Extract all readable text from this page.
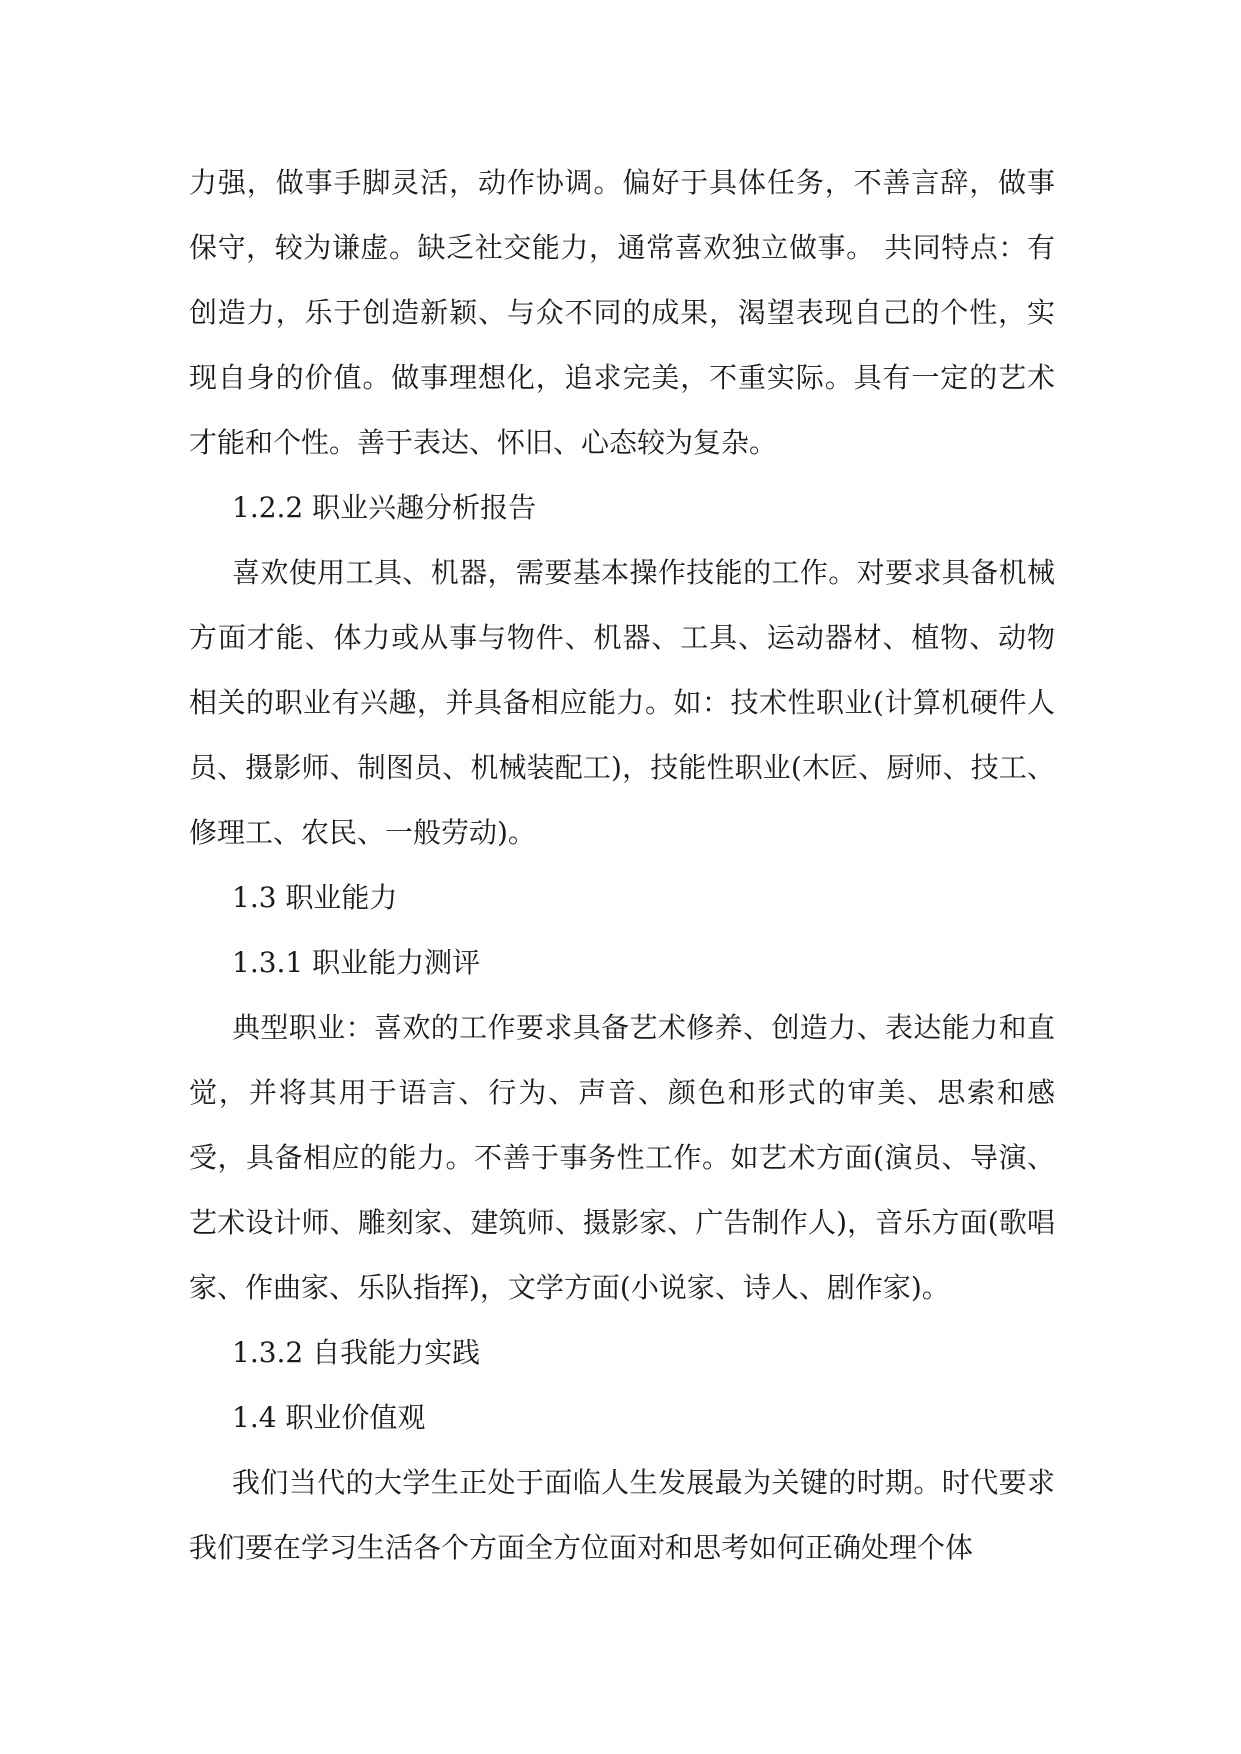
力强，做事手脚灵活，动作协调。偏好于具体任务，不善言辞，做事保守，较为谦虚。缺乏社交能力，通常喜欢独立做事。 共同特点：有创造力，乐于创造新颖、与众不同的成果，渴望表现自己的个性，实现自身的价值。做事理想化，追求完美，不重实际。具有一定的艺术才能和个性。善于表达、怀旧、心态较为复杂。

1.2.2 职业兴趣分析报告

喜欢使用工具、机器，需要基本操作技能的工作。对要求具备机械方面才能、体力或从事与物件、机器、工具、运动器材、植物、动物相关的职业有兴趣，并具备相应能力。如：技术性职业(计算机硬件人员、摄影师、制图员、机械装配工)，技能性职业(木匠、厨师、技工、修理工、农民、一般劳动)。

1.3 职业能力

1.3.1 职业能力测评

典型职业：喜欢的工作要求具备艺术修养、创造力、表达能力和直觉，并将其用于语言、行为、声音、颜色和形式的审美、思索和感受，具备相应的能力。不善于事务性工作。如艺术方面(演员、导演、艺术设计师、雕刻家、建筑师、摄影家、广告制作人)，音乐方面(歌唱家、作曲家、乐队指挥)，文学方面(小说家、诗人、剧作家)。

1.3.2 自我能力实践

1.4 职业价值观

我们当代的大学生正处于面临人生发展最为关键的时期。时代要求我们要在学习生活各个方面全方位面对和思考如何正确处理个体
